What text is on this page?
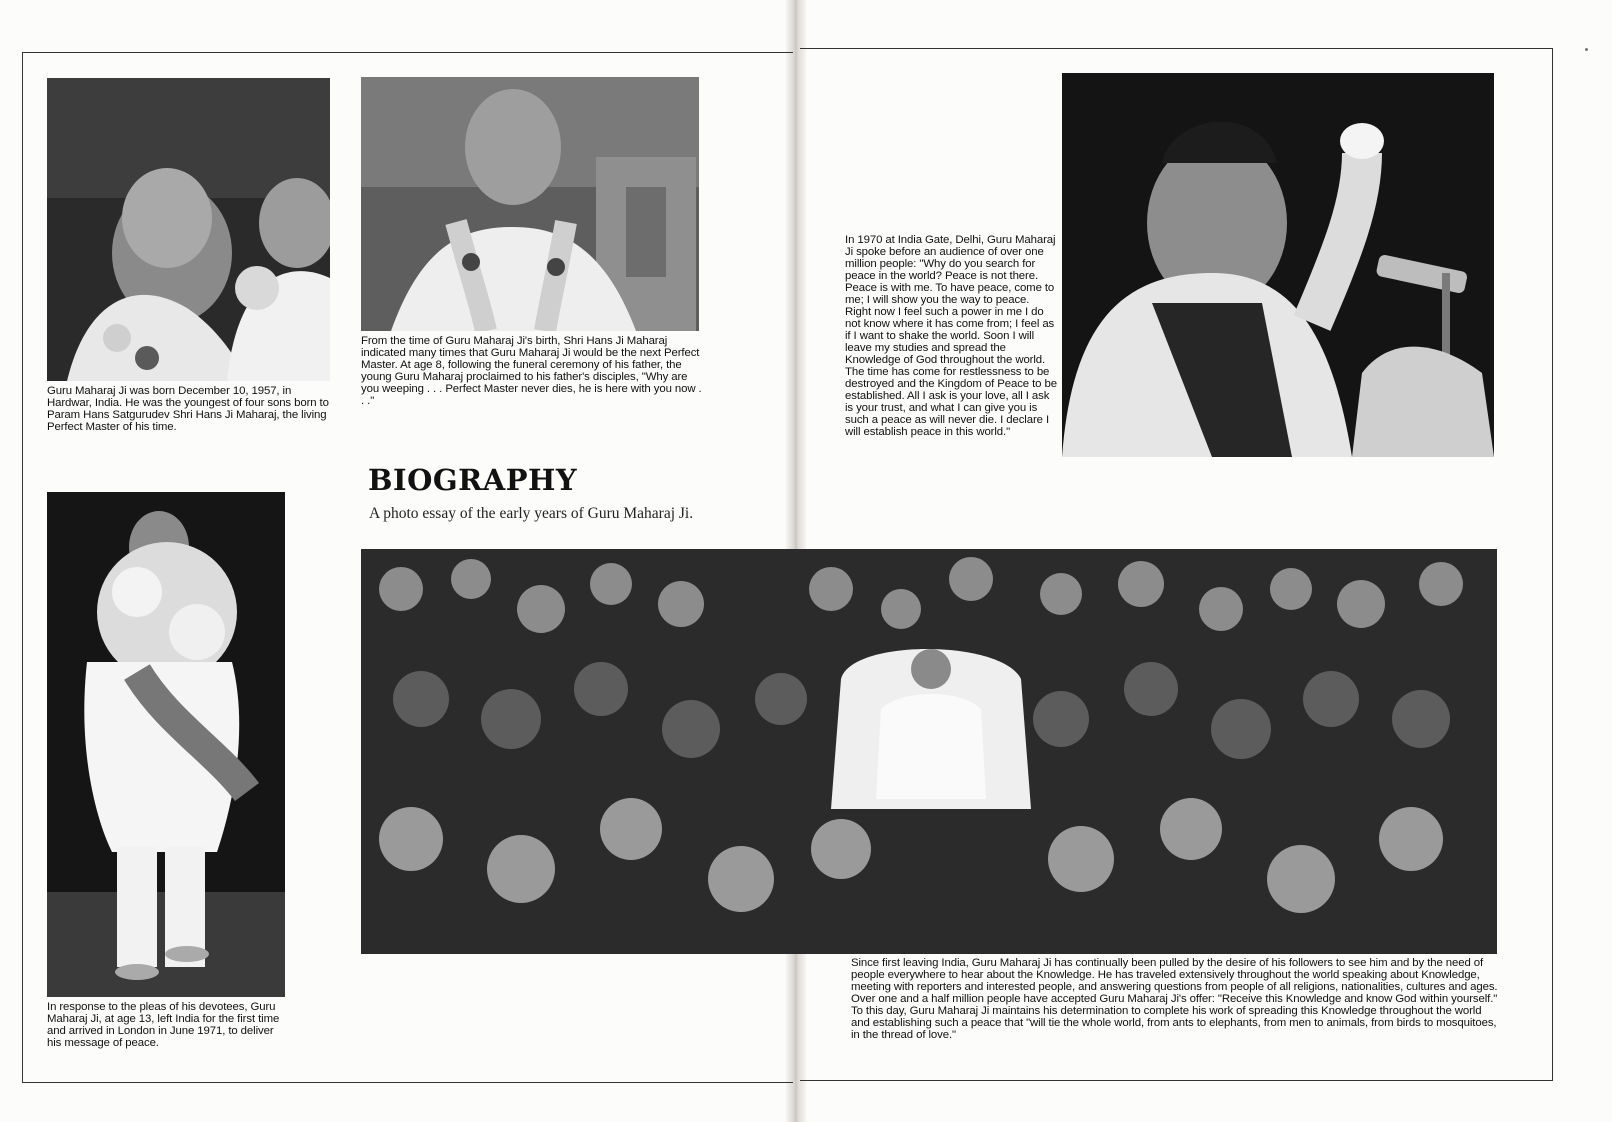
Guru Maharaj Ji was born December 10, 1957, in Hardwar, India. He was the youngest of four sons born to Param Hans Satgurudev Shri Hans Ji Maharaj, the living Perfect Master of his time.

From the time of Guru Maharaj Ji's birth, Shri Hans Ji Maharaj indicated many times that Guru Maharaj Ji would be the next Perfect Master. At age 8, following the funeral ceremony of his father, the young Guru Maharaj proclaimed to his father's disciples, "Why are you weeping . . . Perfect Master never dies, he is here with you now . . ."

In 1970 at India Gate, Delhi, Guru Maharaj Ji spoke before an audience of over one million people: "Why do you search for peace in the world? Peace is not there. Peace is with me. To have peace, come to me; I will show you the way to peace. Right now I feel such a power in me I do not know where it has come from; I feel as if I want to shake the world. Soon I will leave my studies and spread the Knowledge of God throughout the world. The time has come for restlessness to be destroyed and the Kingdom of Peace to be established. All I ask is your love, all I ask is your trust, and what I can give you is such a peace as will never die. I declare I will establish peace in this world."

In response to the pleas of his devotees, Guru Maharaj Ji, at age 13, left India for the first time and arrived in London in June 1971, to deliver his message of peace.

Since first leaving India, Guru Maharaj Ji has continually been pulled by the desire of his followers to see him and by the need of people everywhere to hear about the Knowledge. He has traveled extensively throughout the world speaking about Knowledge, meeting with reporters and interested people, and answering questions from people of all religions, nationalities, cultures and ages. Over one and a half million people have accepted Guru Maharaj Ji's offer: "Receive this Knowledge and know God within yourself." To this day, Guru Maharaj Ji maintains his determination to complete his work of spreading this Knowledge throughout the world and establishing such a peace that "will tie the whole world, from ants to elephants, from men to animals, from birds to mosquitoes, in the thread of love."

BIOGRAPHY

A photo essay of the early years of Guru Maharaj Ji.
